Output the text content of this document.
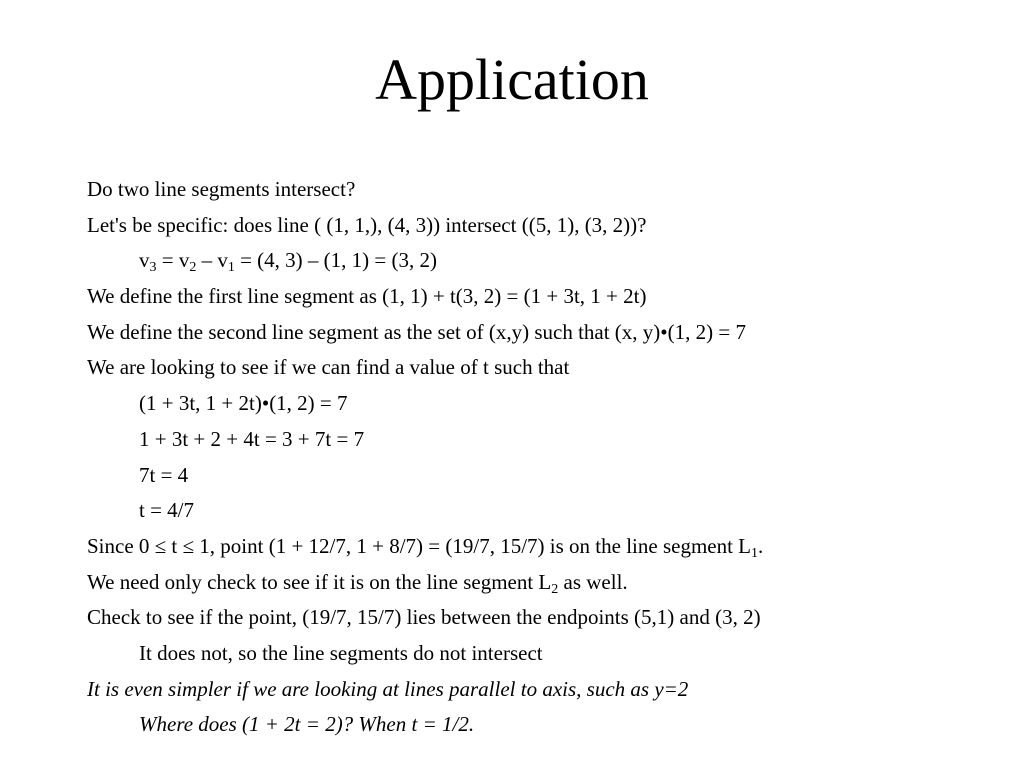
Application
Do two line segments intersect?
Let's be specific: does line ( (1, 1,), (4, 3)) intersect ((5, 1), (3, 2))?
$v_3 = v_2 - v_1 = (4$, 3) – (1, 1) = (3, 2)
We define the first line segment as (1, 1) + t(3, 2) = (1 + 3t, 1 + 2t)
We define the second line segment as the set of (x,y) such that (x, y)•(1, 2) = 7
We are looking to see if we can find a value of t such that
(1 + 3t, 1 + 2t)•(1, 2) = 7
1 + 3t + 2 + 4t = 3 + 7t = 7
7t = 4
t = 4/7
Since 0 ≤ t ≤ 1, point (1 + 12/7, 1 + 8/7) = (19/7, 15/7) is on the line segment $L_1$.
We need only check to see if it is on the line segment $L_2$ as well.
Check to see if the point, (19/7, 15/7) lies between the endpoints (5,1) and (3, 2)
It does not, so the line segments do not intersect
It is even simpler if we are looking at lines parallel to axis, such as y=2
Where does (1 + 2t = 2)? When t = 1/2.
